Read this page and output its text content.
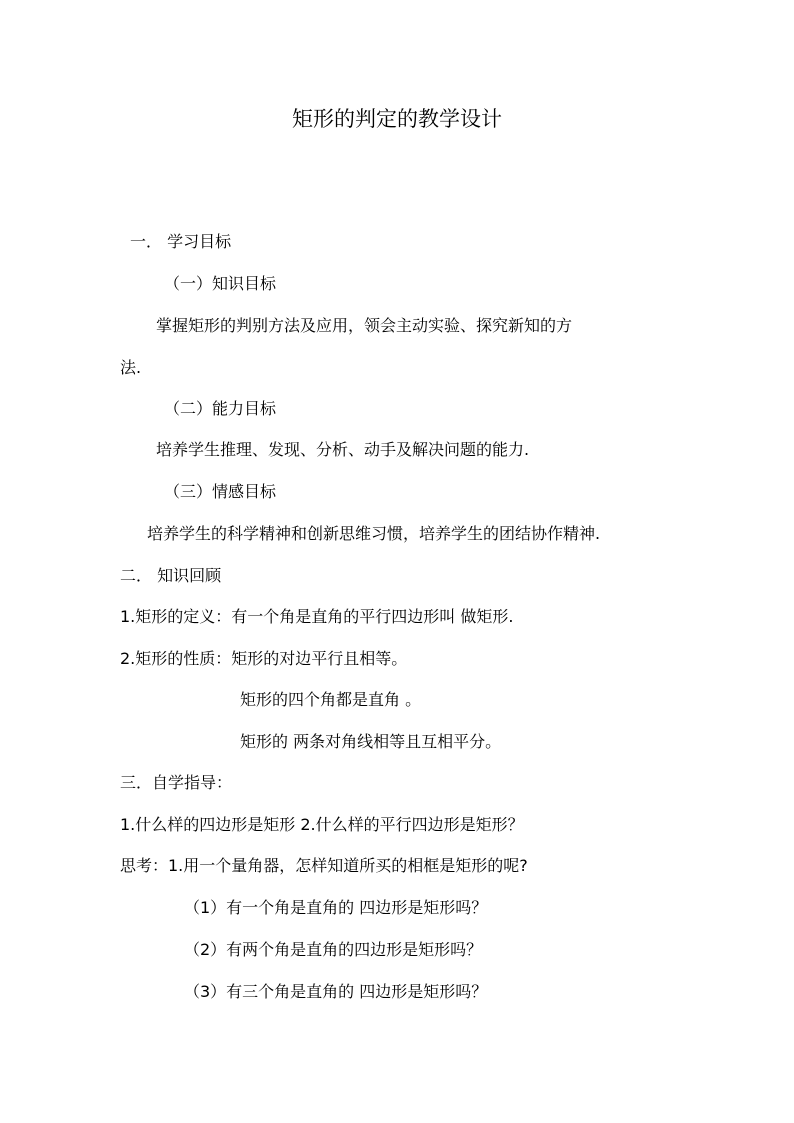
矩形的判定的教学设计
一． 学习目标
（一）知识目标
掌握矩形的判别方法及应用，领会主动实验、探究新知的方
法.
（二）能力目标
培养学生推理、发现、分析、动手及解决问题的能力.
（三）情感目标
培养学生的科学精神和创新思维习惯，培养学生的团结协作精神.
二． 知识回顾
1.矩形的定义：有一个角是直角的平行四边形叫 做矩形.
2.矩形的性质：矩形的对边平行且相等。
矩形的四个角都是直角 。
矩形的 两条对角线相等且互相平分。
三．自学指导：
1.什么样的四边形是矩形 2.什么样的平行四边形是矩形？
思考：1.用一个量角器，怎样知道所买的相框是矩形的呢?
（1）有一个角是直角的 四边形是矩形吗？
（2）有两个角是直角的四边形是矩形吗？
（3）有三个角是直角的 四边形是矩形吗？
